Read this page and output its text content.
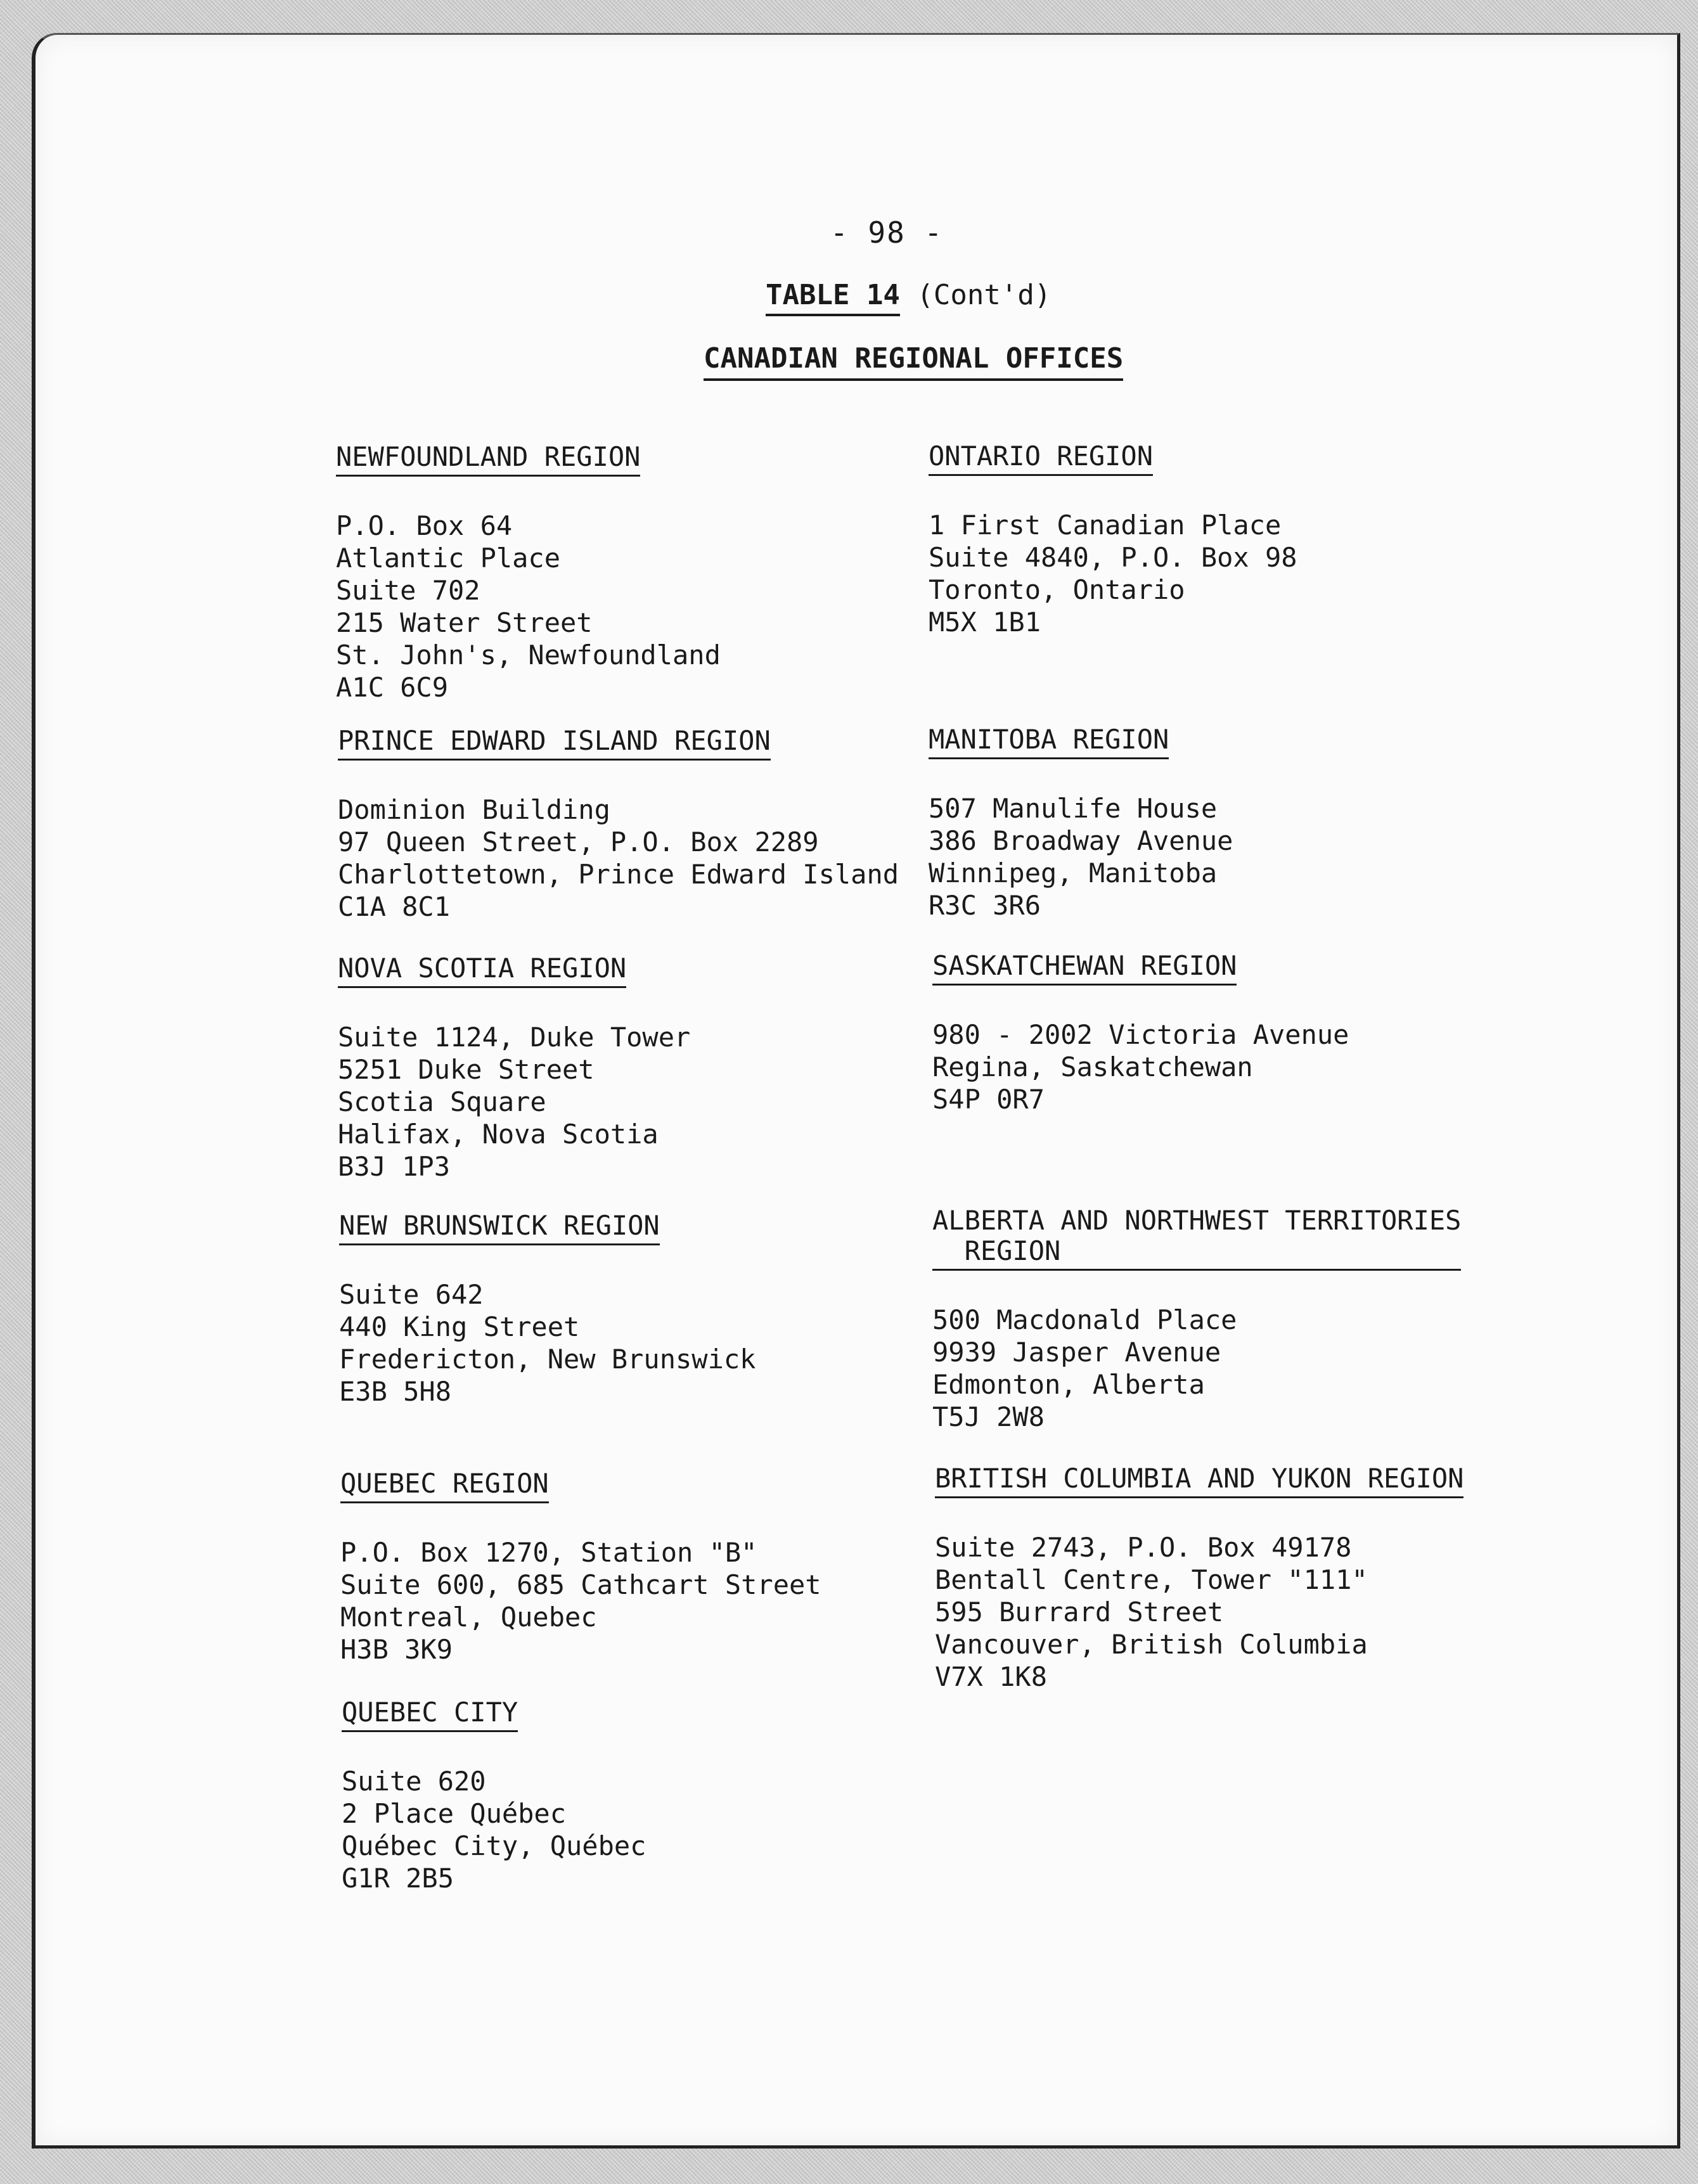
- 98 -
TABLE 14 (Cont'd)
CANADIAN REGIONAL OFFICES
NEWFOUNDLAND REGION
P.O. Box 64
Atlantic Place
Suite 702
215 Water Street
St. John's, Newfoundland
A1C 6C9
PRINCE EDWARD ISLAND REGION
Dominion Building
97 Queen Street, P.O. Box 2289
Charlottetown, Prince Edward Island
C1A 8C1
NOVA SCOTIA REGION
Suite 1124, Duke Tower
5251 Duke Street
Scotia Square
Halifax, Nova Scotia
B3J 1P3
NEW BRUNSWICK REGION
Suite 642
440 King Street
Fredericton, New Brunswick
E3B 5H8
QUEBEC REGION
P.O. Box 1270, Station "B"
Suite 600, 685 Cathcart Street
Montreal, Quebec
H3B 3K9
QUEBEC CITY
Suite 620
2 Place Québec
Québec City, Québec
G1R 2B5
ONTARIO REGION
1 First Canadian Place
Suite 4840, P.O. Box 98
Toronto, Ontario
M5X 1B1
MANITOBA REGION
507 Manulife House
386 Broadway Avenue
Winnipeg, Manitoba
R3C 3R6
SASKATCHEWAN REGION
980 - 2002 Victoria Avenue
Regina, Saskatchewan
S4P 0R7
ALBERTA AND NORTHWEST TERRITORIES
REGION
500 Macdonald Place
9939 Jasper Avenue
Edmonton, Alberta
T5J 2W8
BRITISH COLUMBIA AND YUKON REGION
Suite 2743, P.O. Box 49178
Bentall Centre, Tower "111"
595 Burrard Street
Vancouver, British Columbia
V7X 1K8
